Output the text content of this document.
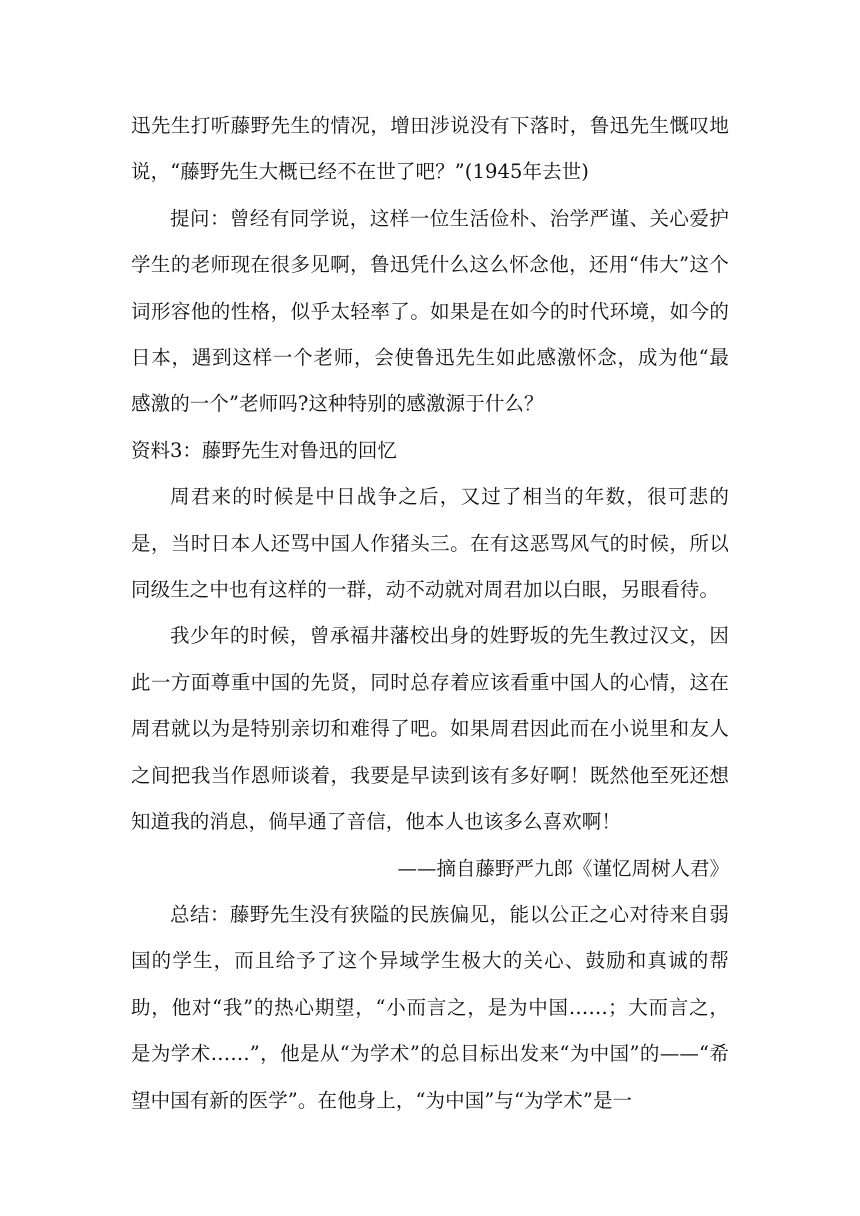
迅先生打听藤野先生的情况，增田涉说没有下落时，鲁迅先生慨叹地说，“藤野先生大概已经不在世了吧？”(1945年去世)

提问：曾经有同学说，这样一位生活俭朴、治学严谨、关心爱护学生的老师现在很多见啊，鲁迅凭什么这么怀念他，还用“伟大”这个词形容他的性格，似乎太轻率了。如果是在如今的时代环境，如今的日本，遇到这样一个老师，会使鲁迅先生如此感激怀念，成为他“最感激的一个”老师吗?这种特别的感激源于什么？

资料3：藤野先生对鲁迅的回忆

周君来的时候是中日战争之后，又过了相当的年数，很可悲的是，当时日本人还骂中国人作猪头三。在有这恶骂风气的时候，所以同级生之中也有这样的一群，动不动就对周君加以白眼，另眼看待。

我少年的时候，曾承福井藩校出身的姓野坂的先生教过汉文，因此一方面尊重中国的先贤，同时总存着应该看重中国人的心情，这在周君就以为是特别亲切和难得了吧。如果周君因此而在小说里和友人之间把我当作恩师谈着，我要是早读到该有多好啊！既然他至死还想知道我的消息，倘早通了音信，他本人也该多么喜欢啊！

——摘自藤野严九郎《谨忆周树人君》

总结：藤野先生没有狭隘的民族偏见，能以公正之心对待来自弱国的学生，而且给予了这个异域学生极大的关心、鼓励和真诚的帮助，他对“我”的热心期望，“小而言之，是为中国……；大而言之，是为学术……”，他是从“为学术”的总目标出发来“为中国”的——“希望中国有新的医学”。在他身上，“为中国”与“为学术”是一
